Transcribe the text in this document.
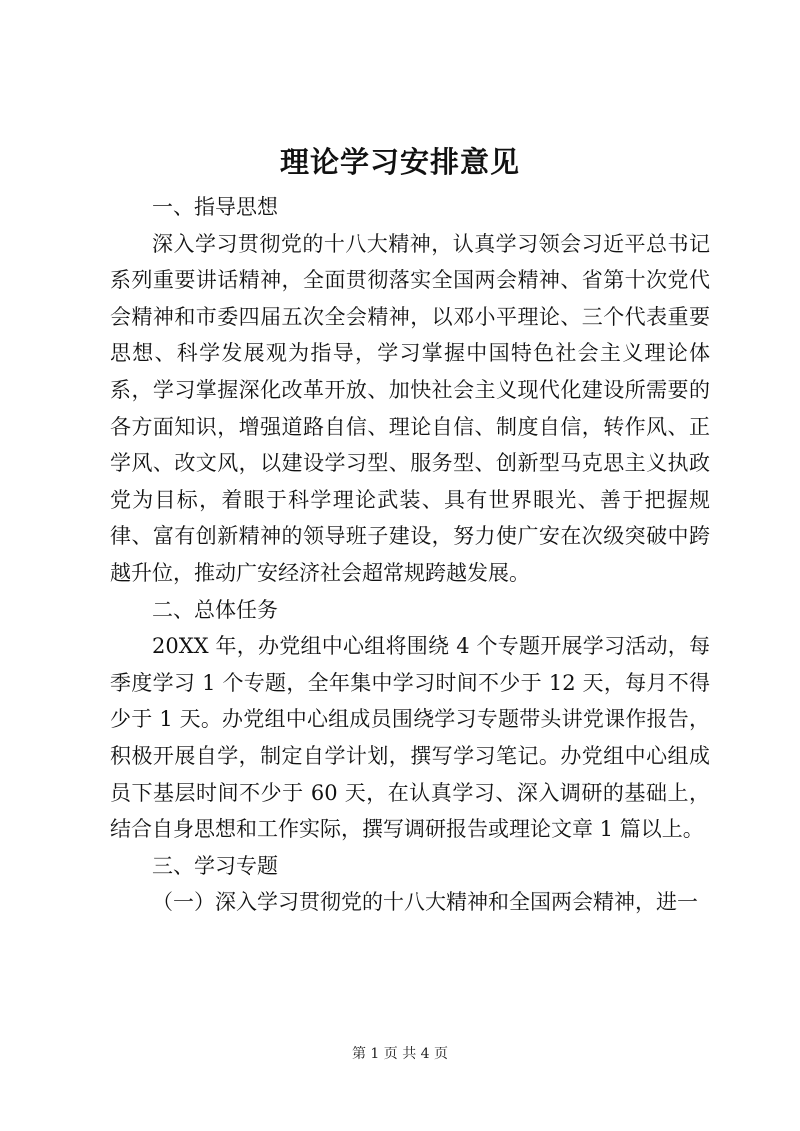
理论学习安排意见

一、指导思想

深入学习贯彻党的十八大精神，认真学习领会习近平总书记系列重要讲话精神，全面贯彻落实全国两会精神、省第十次党代会精神和市委四届五次全会精神，以邓小平理论、三个代表重要思想、科学发展观为指导，学习掌握中国特色社会主义理论体系，学习掌握深化改革开放、加快社会主义现代化建设所需要的各方面知识，增强道路自信、理论自信、制度自信，转作风、正学风、改文风，以建设学习型、服务型、创新型马克思主义执政党为目标，着眼于科学理论武装、具有世界眼光、善于把握规律、富有创新精神的领导班子建设，努力使广安在次级突破中跨越升位，推动广安经济社会超常规跨越发展。

二、总体任务

20XX 年，办党组中心组将围绕 4 个专题开展学习活动，每季度学习 1 个专题，全年集中学习时间不少于 12 天，每月不得少于 1 天。办党组中心组成员围绕学习专题带头讲党课作报告，积极开展自学，制定自学计划，撰写学习笔记。办党组中心组成员下基层时间不少于 60 天，在认真学习、深入调研的基础上，结合自身思想和工作实际，撰写调研报告或理论文章 1 篇以上。

三、学习专题

（一）深入学习贯彻党的十八大精神和全国两会精神，进一

第 1 页 共 4 页
